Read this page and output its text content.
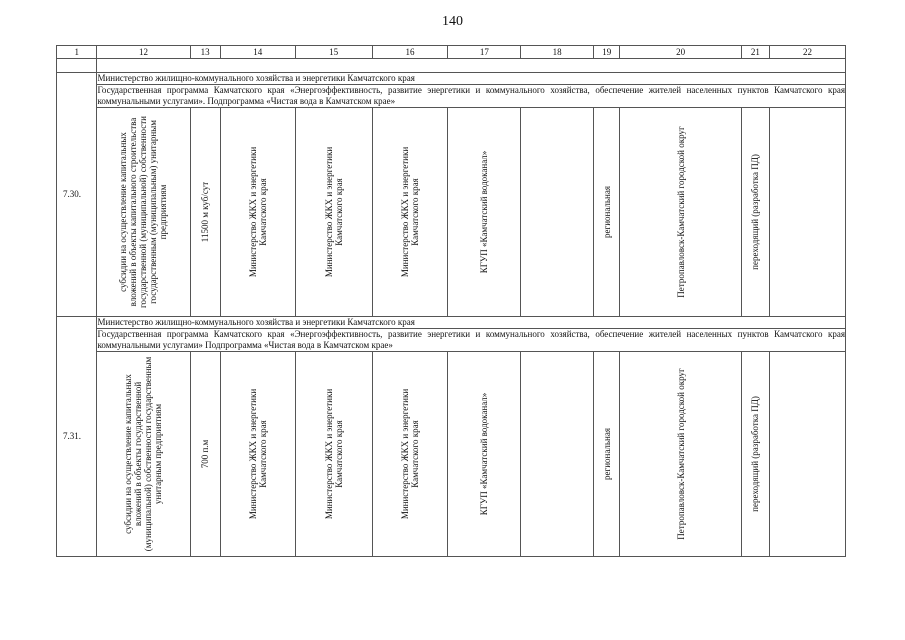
140
1	12	13	14	15	16	17	18	19	20	21	22

7.30.	Министерство жилищно-коммунального хозяйства и энергетики Камчатского края										
	Государственная программа Камчатского края «Энергоэффективность, развитие энергетики и коммунального хозяйства, обеспечение жителей населенных пунктов Камчатского края коммунальными услугами». Подпрограмма «Чистая вода в Камчатском крае»										

	субсидии на осуществление капитальных вложений в объекты капитального строительства государственной (муниципальной) собственности государственным (муниципальным) унитарным предприятиям	11500 м куб/сут	Министерство ЖКХ и энергетики Камчатского края	Министерство ЖКХ и энергетики Камчатского края	Министерство ЖКХ и энергетики Камчатского края	КГУП «Камчатский водоканал»		региональная	Петропавловск-Камчатский городской округ	переходящий (разработка ПД)	

7.31.	Министерство жилищно-коммунального хозяйства и энергетики Камчатского края										
	Государственная программа Камчатского края «Энергоэффективность, развитие энергетики и коммунального хозяйства, обеспечение жителей населенных пунктов Камчатского края коммунальными услугами» Подпрограмма «Чистая вода в Камчатском крае»										

	субсидии на осуществление капитальных вложений в объекты государственной (муниципальной) собственности государственным унитарным предприятиям	700 п.м	Министерство ЖКХ и энергетики Камчатского края	Министерство ЖКХ и энергетики Камчатского края	Министерство ЖКХ и энергетики Камчатского края	КГУП «Камчатский водоканал»		региональная	Петропавловск-Камчатский городской округ	переходящий (разработка ПД)	
